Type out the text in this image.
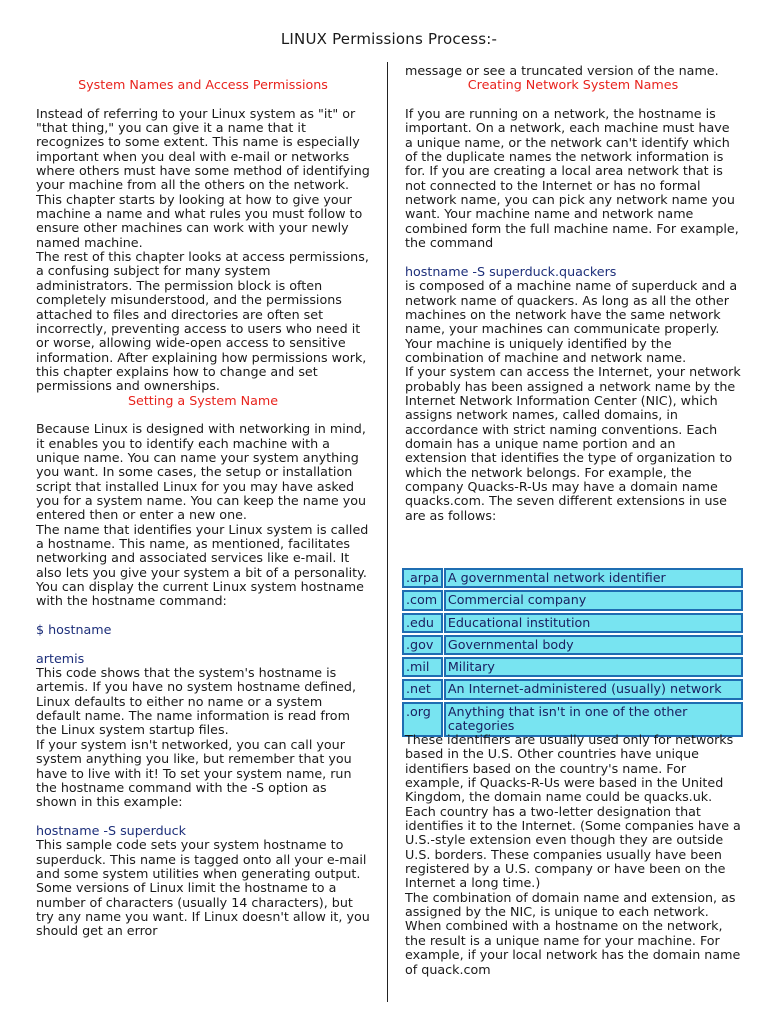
LINUX Permissions Process:-

System Names and Access Permissions

Instead of referring to your Linux system as "it" or "that thing," you can give it a name that it recognizes to some extent. This name is especially important when you deal with e-mail or networks where others must have some method of identifying your machine from all the others on the network. This chapter starts by looking at how to give your machine a name and what rules you must follow to ensure other machines can work with your newly named machine.

The rest of this chapter looks at access permissions, a confusing subject for many system administrators. The permission block is often completely misunderstood, and the permissions attached to files and directories are often set incorrectly, preventing access to users who need it or worse, allowing wide-open access to sensitive information. After explaining how permissions work, this chapter explains how to change and set permissions and ownerships.

Setting a System Name

Because Linux is designed with networking in mind, it enables you to identify each machine with a unique name. You can name your system anything you want. In some cases, the setup or installation script that installed Linux for you may have asked you for a system name. You can keep the name you entered then or enter a new one.

The name that identifies your Linux system is called a hostname. This name, as mentioned, facilitates networking and associated services like e-mail. It also lets you give your system a bit of a personality. You can display the current Linux system hostname with the hostname command:

$ hostname

artemis

This code shows that the system's hostname is artemis. If you have no system hostname defined, Linux defaults to either no name or a system default name. The name information is read from the Linux system startup files.

If your system isn't networked, you can call your system anything you like, but remember that you have to live with it! To set your system name, run the hostname command with the -S option as shown in this example:

hostname -S superduck

This sample code sets your system hostname to superduck. This name is tagged onto all your e-mail and some system utilities when generating output. Some versions of Linux limit the hostname to a number of characters (usually 14 characters), but try any name you want. If Linux doesn't allow it, you should get an error

message or see a truncated version of the name.

Creating Network System Names

If you are running on a network, the hostname is important. On a network, each machine must have a unique name, or the network can't identify which of the duplicate names the network information is for. If you are creating a local area network that is not connected to the Internet or has no formal network name, you can pick any network name you want. Your machine name and network name combined form the full machine name. For example, the command

hostname -S superduck.quackers

is composed of a machine name of superduck and a network name of quackers. As long as all the other machines on the network have the same network name, your machines can communicate properly. Your machine is uniquely identified by the combination of machine and network name.

If your system can access the Internet, your network probably has been assigned a network name by the Internet Network Information Center (NIC), which assigns network names, called domains, in accordance with strict naming conventions. Each domain has a unique name portion and an extension that identifies the type of organization to which the network belongs. For example, the company Quacks-R-Us may have a domain name quacks.com. The seven different extensions in use are as follows:

.arpa	A governmental network identifier
.com	Commercial company
.edu	Educational institution
.gov	Governmental body
.mil	Military
.net	An Internet-administered (usually) network
.org	Anything that isn't in one of the other categories

These identifiers are usually used only for networks based in the U.S. Other countries have unique identifiers based on the country's name. For example, if Quacks-R-Us were based in the United Kingdom, the domain name could be quacks.uk. Each country has a two-letter designation that identifies it to the Internet. (Some companies have a U.S.-style extension even though they are outside U.S. borders. These companies usually have been registered by a U.S. company or have been on the Internet a long time.)

The combination of domain name and extension, as assigned by the NIC, is unique to each network. When combined with a hostname on the network, the result is a unique name for your machine. For example, if your local network has the domain name of quack.com
